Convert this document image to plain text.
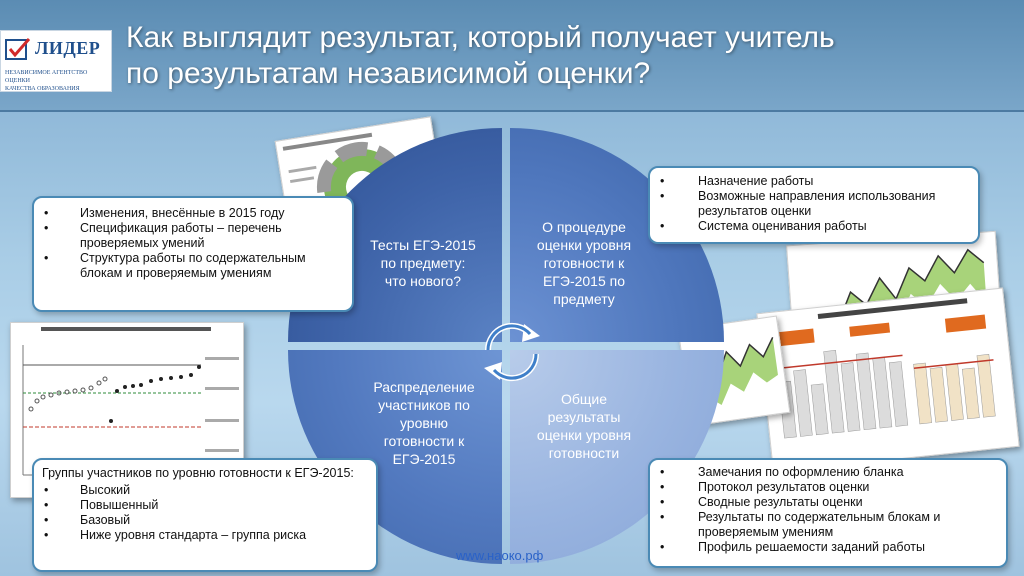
ЛИДЕР
НЕЗАВИСИМОЕ АГЕНТСТВО ОЦЕНКИ
КАЧЕСТВА ОБРАЗОВАНИЯ
Как выглядит результат, который получает учитель
по результатам независимой оценки?
Тесты ЕГЭ-2015
по предмету:
что нового?
О процедуре
оценки уровня
готовности к
ЕГЭ-2015 по
предмету
Распределение
участников по
уровню
готовности к
ЕГЭ-2015
Общие
результаты
оценки уровня
готовности
• Изменения, внесённые в 2015 году
• Спецификация работы – перечень проверяемых умений
• Структура работы по содержательным блокам и проверяемым умениям
• Назначение работы
• Возможные направления использования результатов оценки
• Система оценивания работы
Группы участников по уровню готовности к ЕГЭ-2015:
• Высокий
• Повышенный
• Базовый
• Ниже уровня стандарта – группа риска
• Замечания по оформлению бланка
• Протокол результатов оценки
• Сводные результаты оценки
• Результаты по содержательным блокам и проверяемым умениям
• Профиль решаемости заданий работы
www.наоко.рф
